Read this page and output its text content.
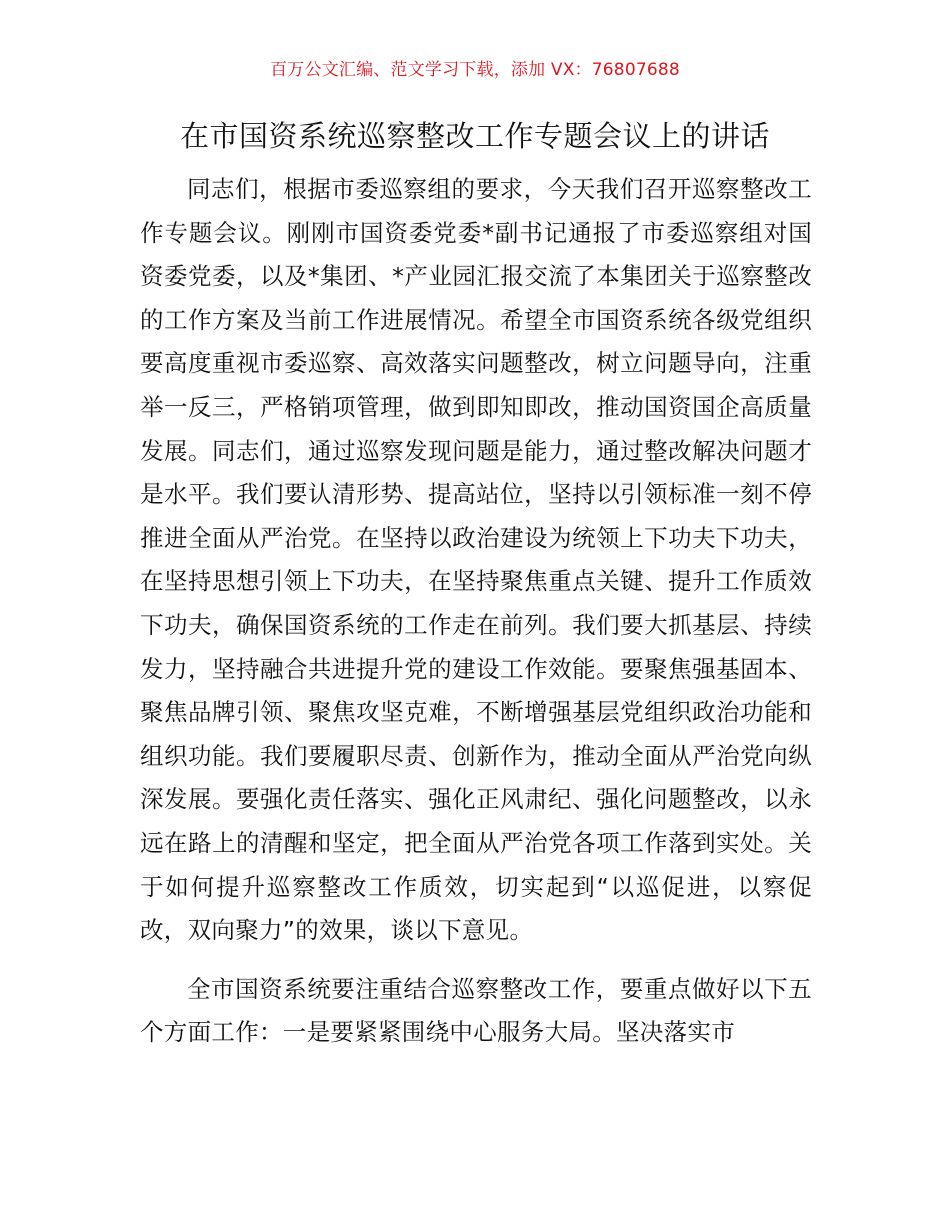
百万公文汇编、范文学习下载，添加 VX：76807688
在市国资系统巡察整改工作专题会议上的讲话

同志们，根据市委巡察组的要求，今天我们召开巡察整改工作专题会议。刚刚市国资委党委*副书记通报了市委巡察组对国资委党委，以及*集团、*产业园汇报交流了本集团关于巡察整改的工作方案及当前工作进展情况。希望全市国资系统各级党组织要高度重视市委巡察、高效落实问题整改，树立问题导向，注重举一反三，严格销项管理，做到即知即改，推动国资国企高质量发展。同志们，通过巡察发现问题是能力，通过整改解决问题才是水平。我们要认清形势、提高站位，坚持以引领标准一刻不停推进全面从严治党。在坚持以政治建设为统领上下功夫下功夫，在坚持思想引领上下功夫，在坚持聚焦重点关键、提升工作质效下功夫，确保国资系统的工作走在前列。我们要大抓基层、持续发力，坚持融合共进提升党的建设工作效能。要聚焦强基固本、聚焦品牌引领、聚焦攻坚克难，不断增强基层党组织政治功能和组织功能。我们要履职尽责、创新作为，推动全面从严治党向纵深发展。要强化责任落实、强化正风肃纪、强化问题整改，以永远在路上的清醒和坚定，把全面从严治党各项工作落到实处。关于如何提升巡察整改工作质效，切实起到“以巡促进，以察促改，双向聚力”的效果，谈以下意见。

全市国资系统要注重结合巡察整改工作，要重点做好以下五个方面工作：一是要紧紧围绕中心服务大局。坚决落实市
